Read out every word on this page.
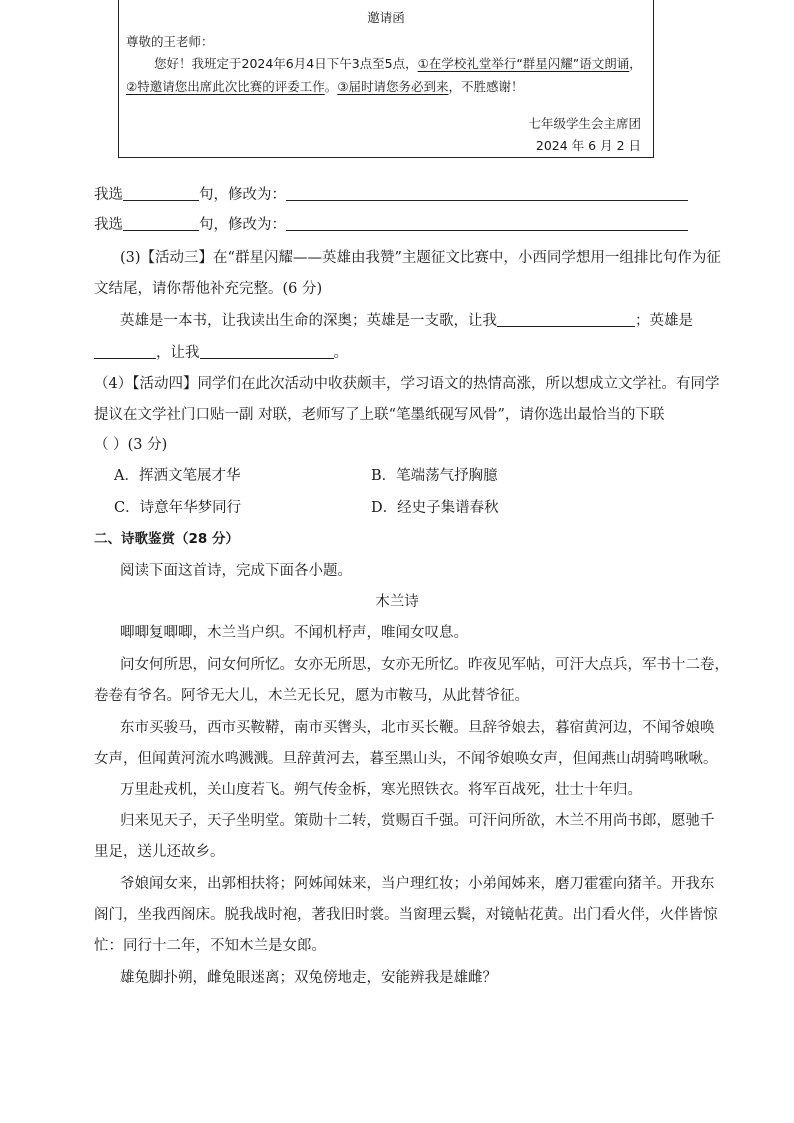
邀请函
尊敬的王老师：
您好！我班定于2024年6月4日下午3点至5点，①在学校礼堂举行“群星闪耀”语文朗诵，②特邀请您出席此次比赛的评委工作。③届时请您务必到来，不胜感谢！
七年级学生会主席团
2024 年 6 月 2 日
我选	句，修改为：
我选	句，修改为：
(3)【活动三】在“群星闪耀——英雄由我赞”主题征文比赛中，小西同学想用一组排比句作为征
文结尾，请你帮他补充完整。(6 分)
英雄是一本书，让我读出生命的深奥；英雄是一支歌，让我	；英雄是
，让我	。
（4）【活动四】同学们在此次活动中收获颇丰，学习语文的热情高涨，所以想成立文学社。有同学
提议在文学社门口贴一副 对联，老师写了上联“笔墨纸砚写风骨”，请你选出最恰当的下联
（ ）(3 分)
A．挥洒文笔展才华	B．笔端荡气抒胸臆
C．诗意年华梦同行	D．经史子集谱春秋
二、诗歌鉴赏（28 分）
阅读下面这首诗，完成下面各小题。
木兰诗
唧唧复唧唧，木兰当户织。不闻机杼声，唯闻女叹息。
问女何所思，问女何所忆。女亦无所思，女亦无所忆。昨夜见军帖，可汗大点兵，军书十二卷，
卷卷有爷名。阿爷无大儿，木兰无长兄，愿为市鞍马，从此替爷征。
东市买骏马，西市买鞍鞯，南市买辔头，北市买长鞭。旦辞爷娘去，暮宿黄河边，不闻爷娘唤
女声，但闻黄河流水鸣溅溅。旦辞黄河去，暮至黑山头，不闻爷娘唤女声，但闻燕山胡骑鸣啾啾。
万里赴戎机，关山度若飞。朔气传金柝，寒光照铁衣。将军百战死，壮士十年归。
归来见天子，天子坐明堂。策勋十二转，赏赐百千强。可汗问所欲，木兰不用尚书郎，愿驰千
里足，送儿还故乡。
爷娘闻女来，出郭相扶将；阿姊闻妹来，当户理红妆；小弟闻姊来，磨刀霍霍向猪羊。开我东
阁门，坐我西阁床。脱我战时袍，著我旧时裳。当窗理云鬓，对镜帖花黄。出门看火伴，火伴皆惊
忙：同行十二年，不知木兰是女郎。
雄兔脚扑朔，雌兔眼迷离；双兔傍地走，安能辨我是雄雌？
